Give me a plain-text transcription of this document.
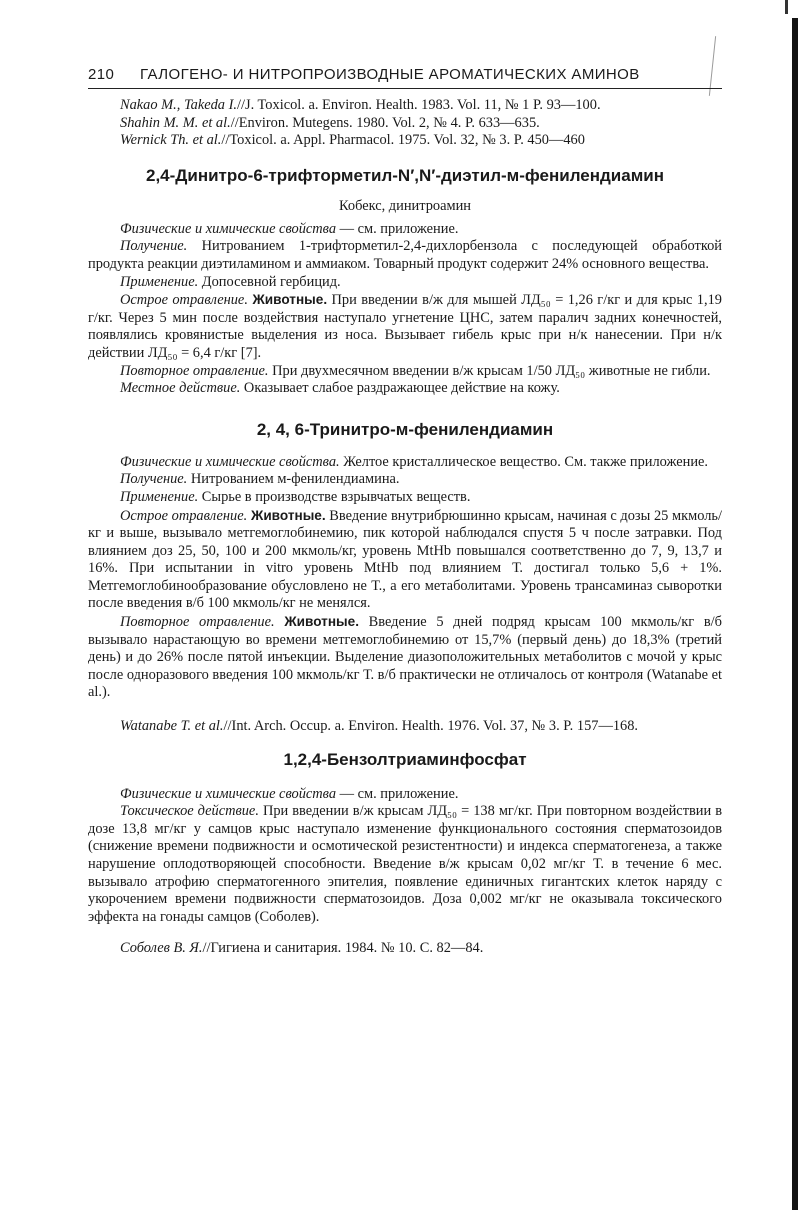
210	ГАЛОГЕНО- И НИТРОПРОИЗВОДНЫЕ АРОМАТИЧЕСКИХ АМИНОВ

Nakao M., Takeda I.//J. Toxicol. a. Environ. Health. 1983. Vol. 11, № 1 P. 93—100.

Shahin M. M. et al.//Environ. Mutegens. 1980. Vol. 2, № 4. P. 633—635.

Wernick Th. et al.//Toxicol. a. Appl. Pharmacol. 1975. Vol. 32, № 3. P. 450—460

2,4-Динитро-6-трифторметил-N′,N′-диэтил-м-фенилендиамин
Кобекс, динитроамин

Физические и химические свойства — см. приложение.

Получение. Нитрованием 1-трифторметил-2,4-дихлорбензола с последующей обработкой продукта реакции диэтиламином и аммиаком. Товарный продукт содержит 24% основного вещества.

Применение. Допосевной гербицид.

Острое отравление. Животные. При введении в/ж для мышей ЛД₅₀ = 1,26 г/кг и для крыс 1,19 г/кг. Через 5 мин после воздействия наступало угнетение ЦНС, затем паралич задних конечностей, появлялись кровянистые выделения из носа. Вызывает гибель крыс при н/к нанесении. При н/к действии ЛД₅₀ = 6,4 г/кг [7].

Повторное отравление. При двухмесячном введении в/ж крысам 1/50 ЛД₅₀ животные не гибли.

Местное действие. Оказывает слабое раздражающее действие на кожу.

2, 4, 6-Тринитро-м-фенилендиамин

Физические и химические свойства. Желтое кристаллическое вещество. См. также приложение.

Получение. Нитрованием м-фенилендиамина.

Применение. Сырье в производстве взрывчатых веществ.

Острое отравление. Животные. Введение внутрибрюшинно крысам, начиная с дозы 25 мкмоль/кг и выше, вызывало метгемоглобинемию, пик которой наблюдался спустя 5 ч после затравки. Под влиянием доз 25, 50, 100 и 200 мкмоль/кг, уровень MtHb повышался соответственно до 7, 9, 13,7 и 16%. При испытании in vitro уровень MtHb под влиянием Т. достигал только 5,6 + 1%. Метгемоглобинообразование обусловлено не Т., а его метаболитами. Уровень трансаминаз сыворотки после введения в/б 100 мкмоль/кг не менялся.

Повторное отравление. Животные. Введение 5 дней подряд крысам 100 мкмоль/кг в/б вызывало нарастающую во времени метгемоглобинемию от 15,7% (первый день) до 18,3% (третий день) и до 26% после пятой инъекции. Выделение диазоположительных метаболитов с мочой у крыс после одноразового введения 100 мкмоль/кг Т. в/б практически не отличалось от контроля (Watanabe et al.).

Watanabe T. et al.//Int. Arch. Occup. a. Environ. Health. 1976. Vol. 37, № 3. P. 157—168.

1,2,4-Бензолтриаминфосфат

Физические и химические свойства — см. приложение.

Токсическое действие. При введении в/ж крысам ЛД₅₀ = 138 мг/кг. При повторном воздействии в дозе 13,8 мг/кг у самцов крыс наступало изменение функционального состояния сперматозоидов (снижение времени подвижности и осмотической резистентности) и индекса сперматогенеза, а также нарушение оплодотворяющей способности. Введение в/ж крысам 0,02 мг/кг Т. в течение 6 мес. вызывало атрофию сперматогенного эпителия, появление единичных гигантских клеток наряду с укорочением времени подвижности сперматозоидов. Доза 0,002 мг/кг не оказывала токсического эффекта на гонады самцов (Соболев).

Соболев В. Я.//Гигиена и санитария. 1984. № 10. С. 82—84.
